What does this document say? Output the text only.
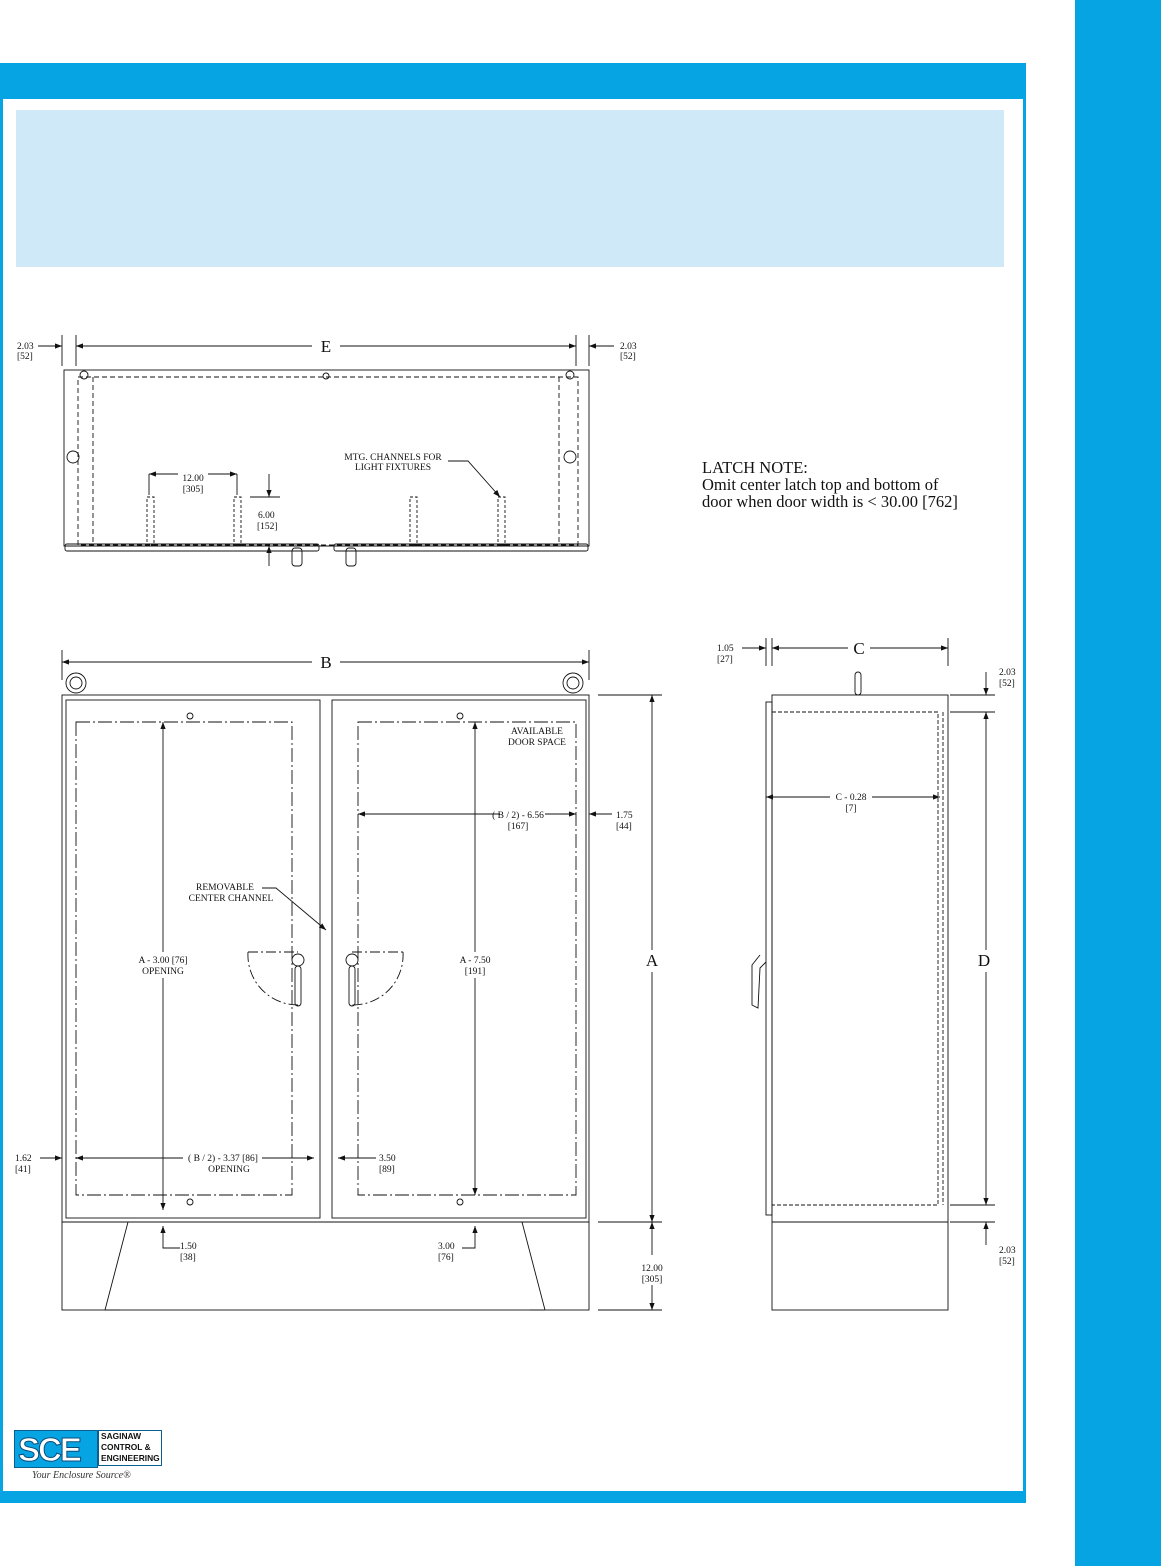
E
2.03
[52]
2.03
[52]
12.00
[305]
6.00
[152]
MTG. CHANNELS FOR
LIGHT FIXTURES
B
A
AVAILABLE
DOOR SPACE
( B / 2) - 6.56
[167]
1.75
[44]
REMOVABLE
CENTER CHANNEL
A - 3.00 [76]
OPENING
A - 7.50
[191]
1.62
[41]
( B / 2) - 3.37 [86]
OPENING
3.50
[89]
1.50
[38]
3.00
[76]
12.00
[305]
C
D
1.05
[27]
C - 0.28
[7]
2.03
[52]
2.03
[52]
LATCH NOTE:
Omit center latch top and bottom of
door when door width is < 30.00 [762]
SCE	SAGINAW
CONTROL &
ENGINEERING
Your Enclosure Source®
